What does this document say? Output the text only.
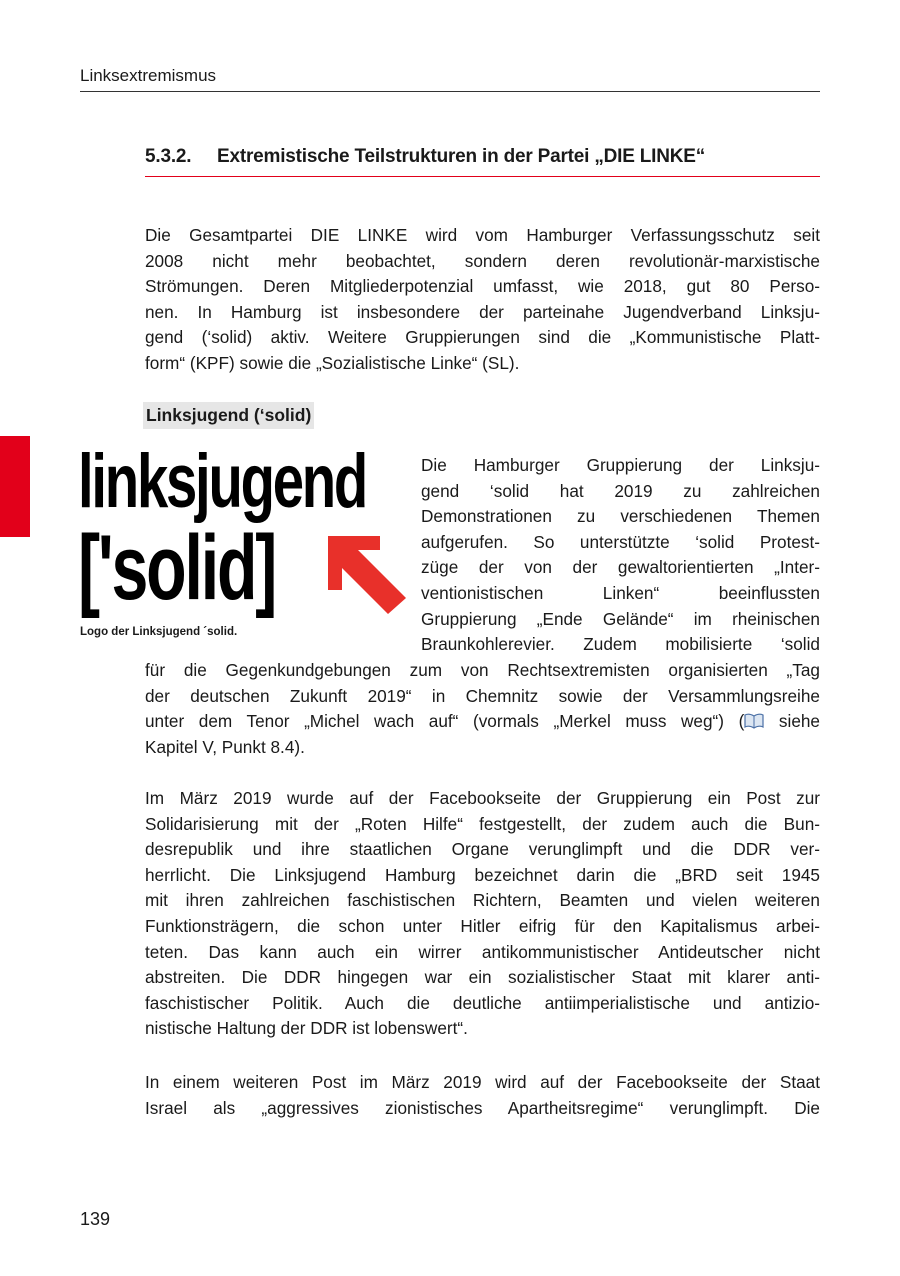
Linksextremismus
5.3.2. Extremistische Teilstrukturen in der Partei „DIE LINKE“
Die Gesamtpartei DIE LINKE wird vom Hamburger Verfassungsschutz seit
2008 nicht mehr beobachtet, sondern deren revolutionär-marxistische
Strömungen. Deren Mitgliederpotenzial umfasst, wie 2018, gut 80 Perso-
nen. In Hamburg ist insbesondere der parteinahe Jugendverband Linksju-
gend (‘solid) aktiv. Weitere Gruppierungen sind die „Kommunistische Platt-
form“ (KPF) sowie die „Sozialistische Linke“ (SL).
Linksjugend (‘solid)
linksjugend
['solid]
Logo der Linksjugend ´solid.
Die Hamburger Gruppierung der Linksju-
gend ‘solid hat 2019 zu zahlreichen
Demonstrationen zu verschiedenen Themen
aufgerufen. So unterstützte ‘solid Protest-
züge der von der gewaltorientierten „Inter-
ventionistischen Linken“ beeinflussten
Gruppierung „Ende Gelände“ im rheinischen
Braunkohlerevier. Zudem mobilisierte ‘solid
für die Gegenkundgebungen zum von Rechtsextremisten organisierten „Tag
der deutschen Zukunft 2019“ in Chemnitz sowie der Versammlungsreihe
unter dem Tenor „Michel wach auf“ (vormals „Merkel muss weg“) ( siehe
Kapitel V, Punkt 8.4).
Im März 2019 wurde auf der Facebookseite der Gruppierung ein Post zur
Solidarisierung mit der „Roten Hilfe“ festgestellt, der zudem auch die Bun-
desrepublik und ihre staatlichen Organe verunglimpft und die DDR ver-
herrlicht. Die Linksjugend Hamburg bezeichnet darin die „BRD seit 1945
mit ihren zahlreichen faschistischen Richtern, Beamten und vielen weiteren
Funktionsträgern, die schon unter Hitler eifrig für den Kapitalismus arbei-
teten. Das kann auch ein wirrer antikommunistischer Antideutscher nicht
abstreiten. Die DDR hingegen war ein sozialistischer Staat mit klarer anti-
faschistischer Politik. Auch die deutliche antiimperialistische und antizio-
nistische Haltung der DDR ist lobenswert“.
In einem weiteren Post im März 2019 wird auf der Facebookseite der Staat
Israel als „aggressives zionistisches Apartheitsregime“ verunglimpft. Die
139
